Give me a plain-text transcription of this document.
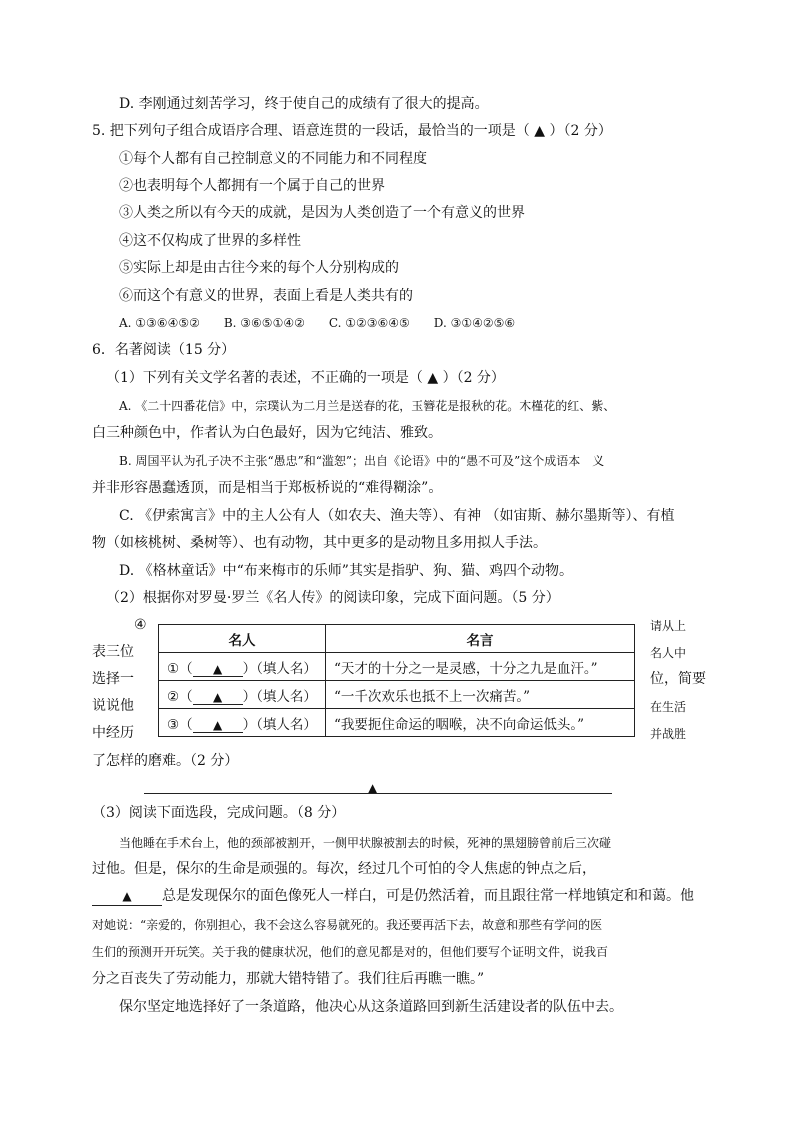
D. 李刚通过刻苦学习，终于使自己的成绩有了很大的提高。
5. 把下列句子组合成语序合理、语意连贯的一段话，最恰当的一项是（ ▲ ）（2 分）
①每个人都有自己控制意义的不同能力和不同程度
②也表明每个人都拥有一个属于自己的世界
③人类之所以有今天的成就，是因为人类创造了一个有意义的世界
④这不仅构成了世界的多样性
⑤实际上却是由古往今来的每个人分别构成的
⑥而这个有意义的世界，表面上看是人类共有的
A. ①③⑥④⑤②　　B. ③⑥⑤①④②　　C. ①②③⑥④⑤　　D. ③①④②⑤⑥
6．名著阅读（15 分）
（1）下列有关文学名著的表述，不正确的一项是（ ▲ ）（2 分）
A. 《二十四番花信》中，宗璞认为二月兰是送春的花，玉簪花是报秋的花。木槿花的红、紫、
白三种颜色中，作者认为白色最好，因为它纯洁、雅致。
B. 周国平认为孔子决不主张“愚忠”和“滥恕”；出自《论语》中的“愚不可及”这个成语本　义
并非形容愚蠢透顶，而是相当于郑板桥说的“难得糊涂”。
C. 《伊索寓言》中的主人公有人（如农夫、渔夫等）、有神 （如宙斯、赫尔墨斯等）、有植
物（如核桃树、桑树等）、也有动物，其中更多的是动物且多用拟人手法。
D. 《格林童话》中“布来梅市的乐师”其实是指驴、狗、猫、鸡四个动物。
（2）根据你对罗曼·罗兰《名人传》的阅读印象，完成下面问题。（5 分）
④
表三位
选择一
说说他
中经历
请从上
名人中
位，简要
在生活
并战胜
名人	名言
①（ ▲ ）（填人名）	“天才的十分之一是灵感，十分之九是血汗。”
②（ ▲ ）（填人名）	“一千次欢乐也抵不上一次痛苦。”
③（ ▲ ）（填人名）	“我要扼住命运的咽喉，决不向命运低头。”
了怎样的磨难。（2 分）
▲
（3）阅读下面选段，完成问题。（8 分）
当他睡在手术台上，他的颈部被割开，一侧甲状腺被割去的时候，死神的黑翅膀曾前后三次碰
过他。但是，保尔的生命是顽强的。每次，经过几个可怕的令人焦虑的钟点之后，
▲ 总是发现保尔的面色像死人一样白，可是仍然活着，而且跟往常一样地镇定和和蔼。他
对她说：“亲爱的，你别担心，我不会这么容易就死的。我还要再活下去，故意和那些有学问的医
生们的预测开开玩笑。关于我的健康状况，他们的意见都是对的，但他们要写个证明文件，说我百
分之百丧失了劳动能力，那就大错特错了。我们往后再瞧一瞧。”
保尔坚定地选择好了一条道路，他决心从这条道路回到新生活建设者的队伍中去。
